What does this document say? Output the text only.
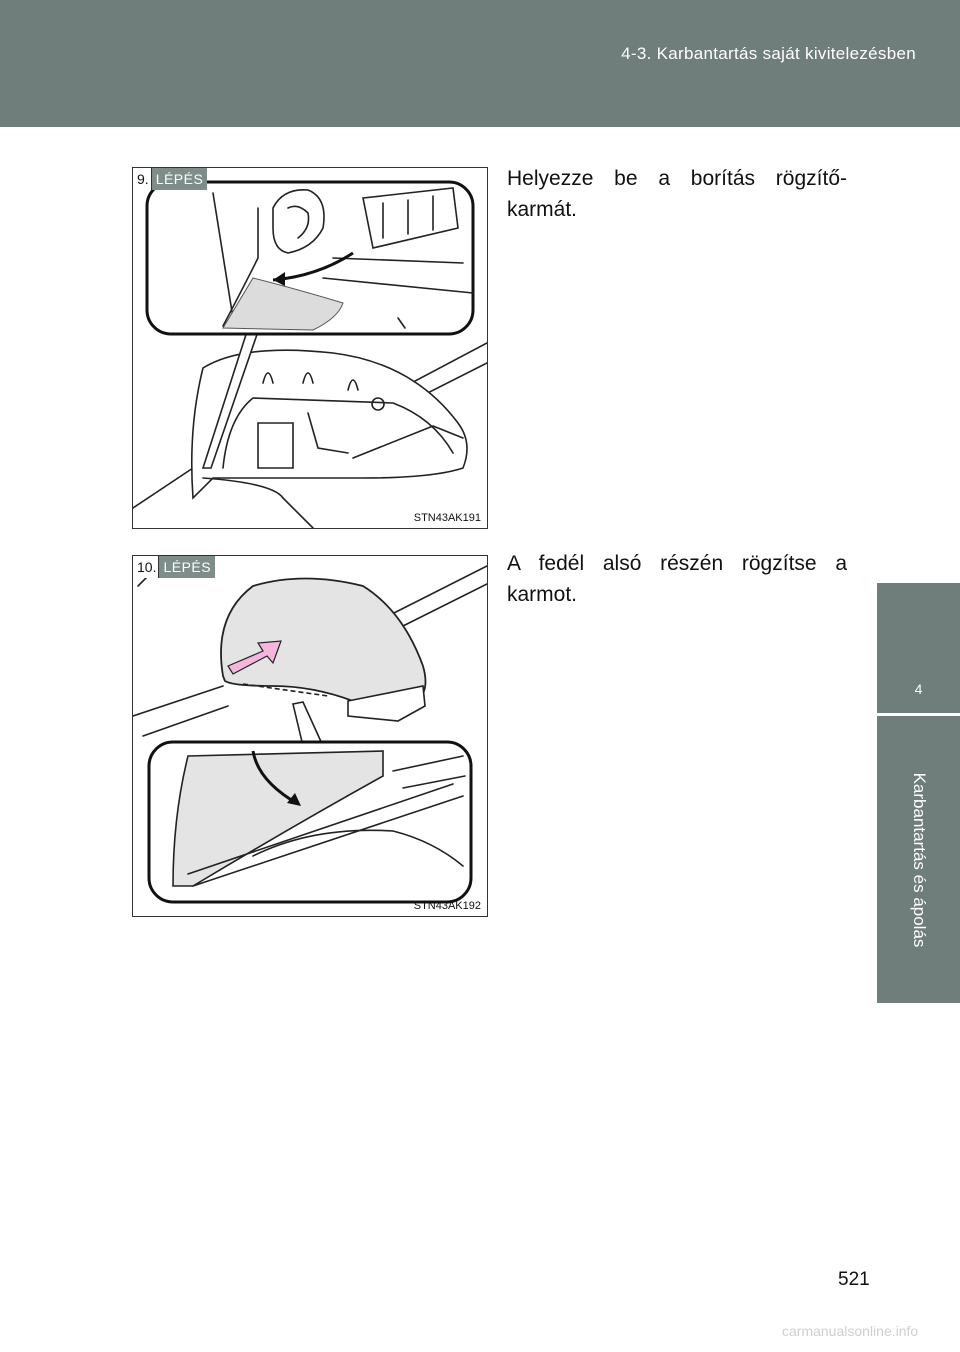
4-3. Karbantartás saját kivitelezésben
4
Karbantartás és ápolás
9. LÉPÉS
STN43AK191
Helyezze be a borítás rögzítő-karmát.
10. LÉPÉS
STN43AK192
A fedél alsó részén rögzítse a karmot.
521
carmanualsonline.info
